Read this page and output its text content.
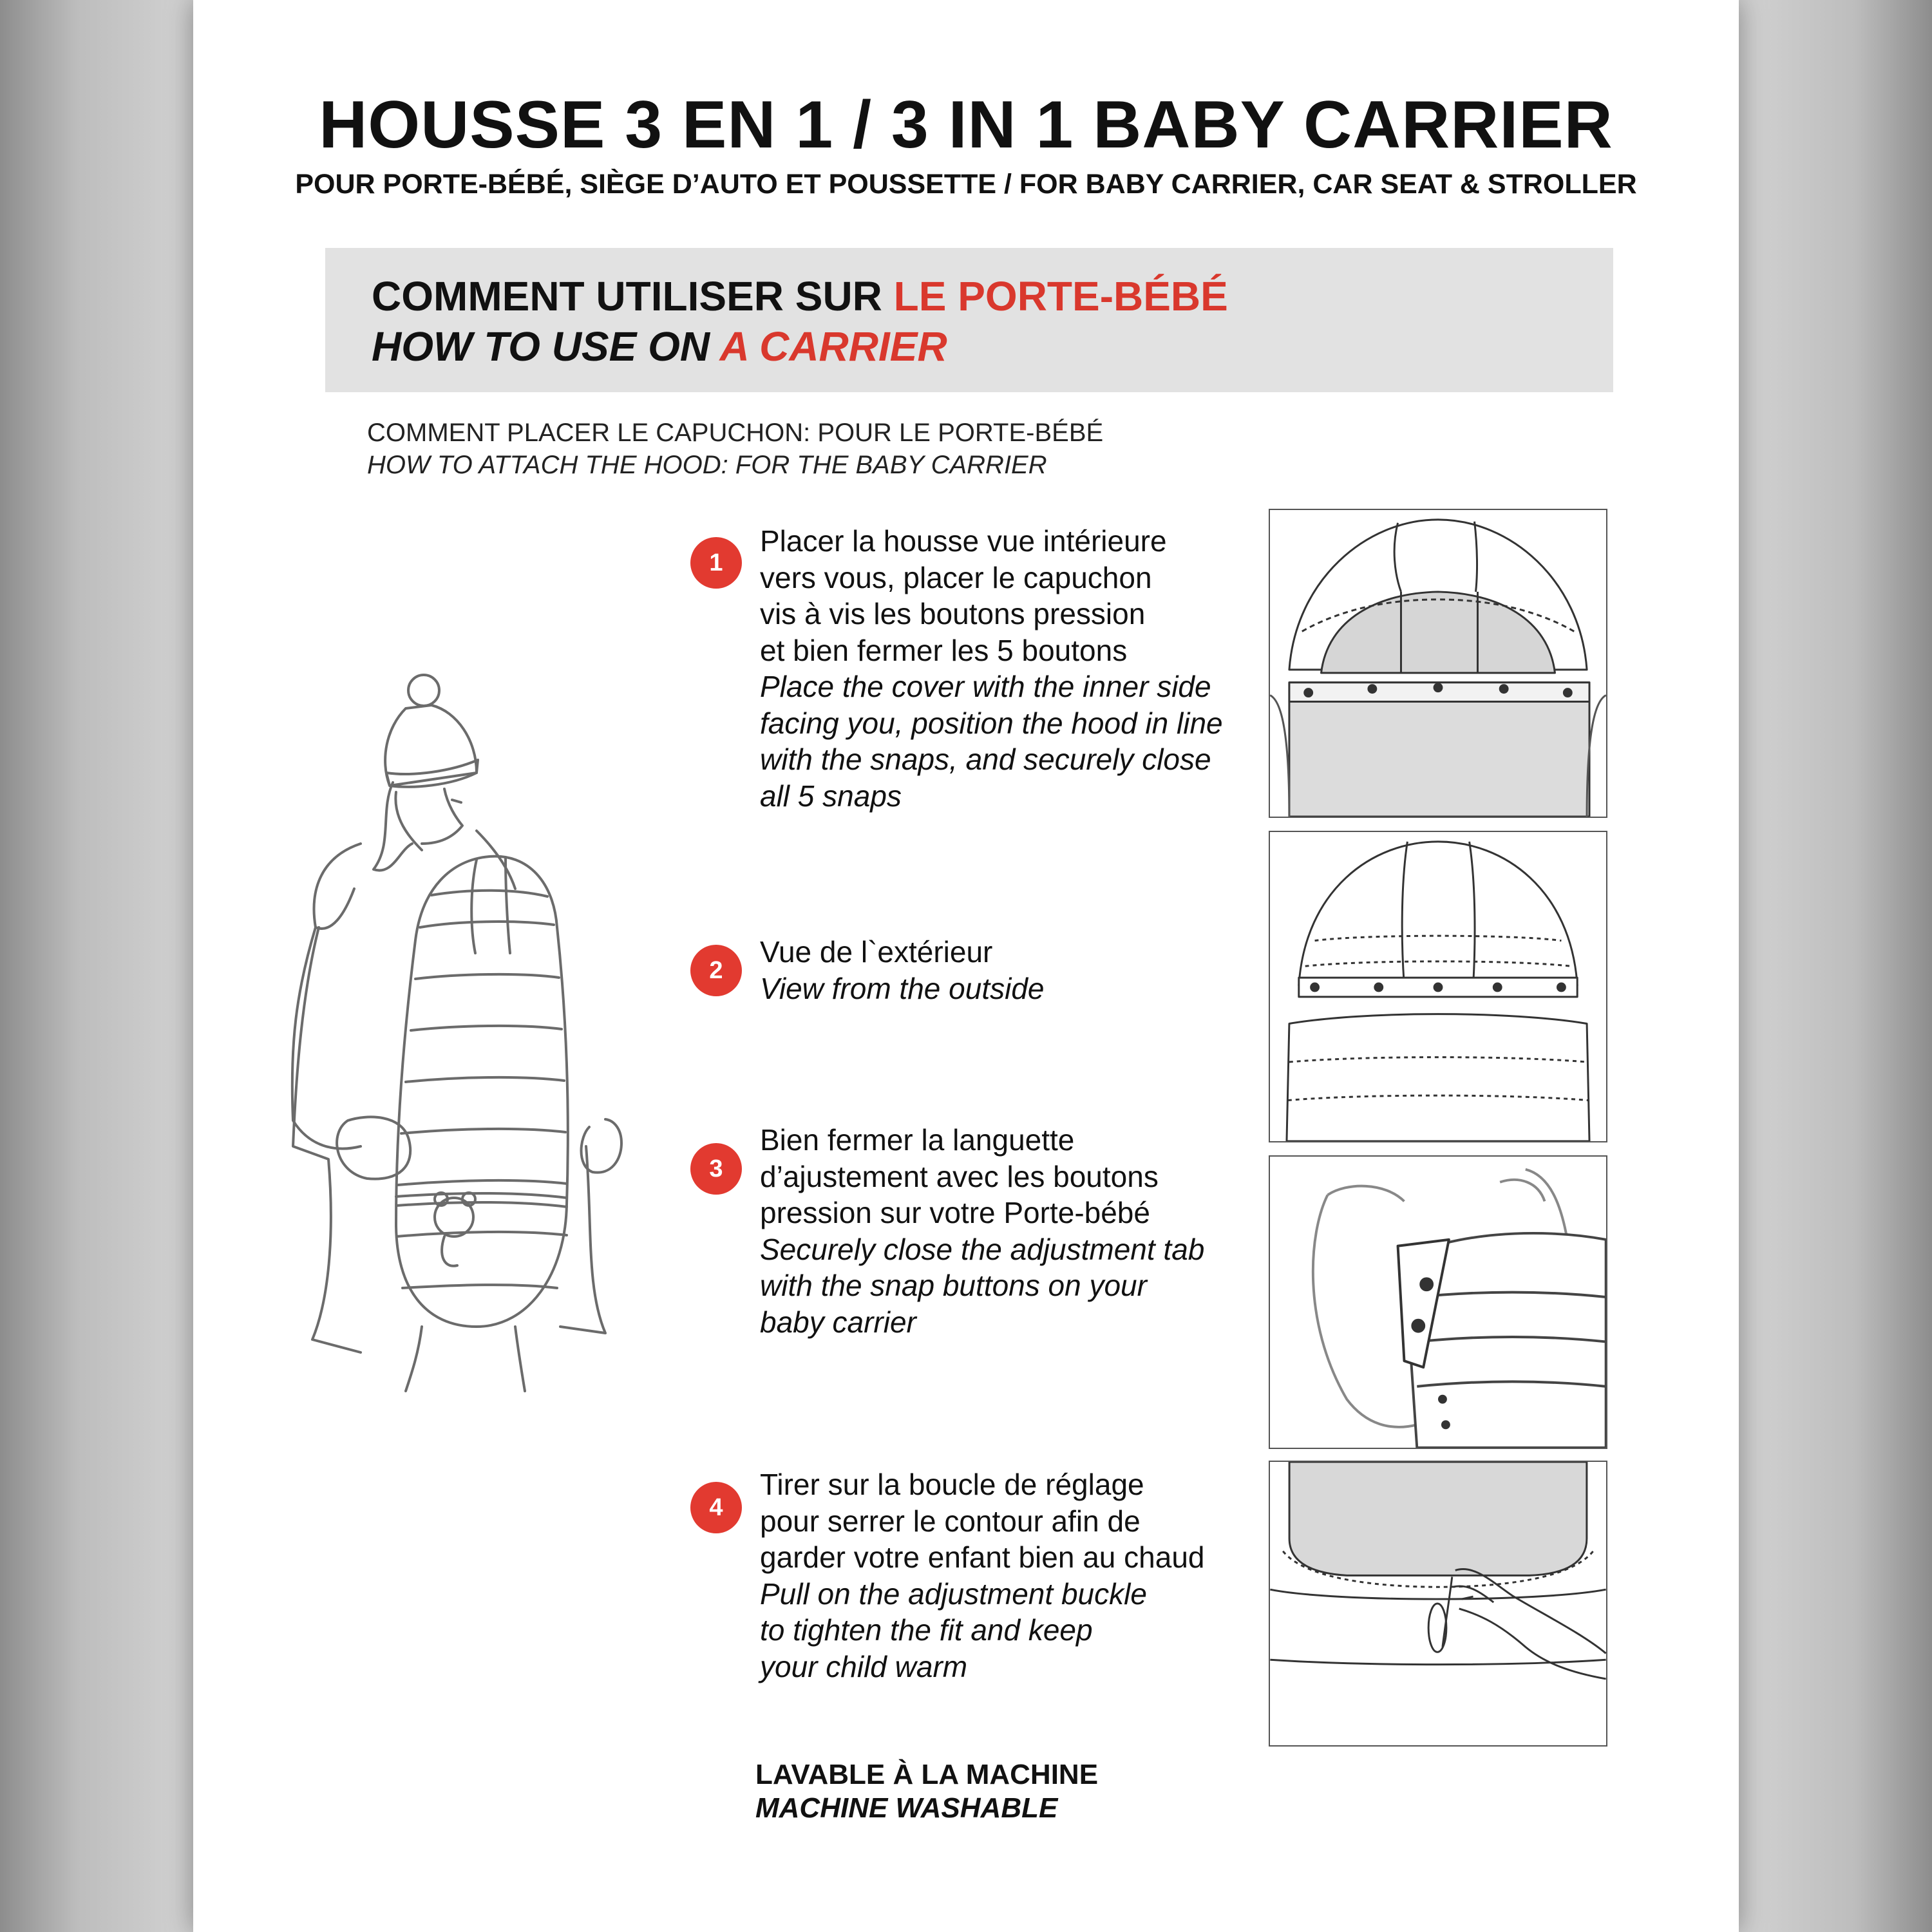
HOUSSE 3 EN 1 / 3 IN 1 BABY CARRIER
POUR PORTE-BÉBÉ, SIÈGE D’AUTO ET POUSSETTE / FOR BABY CARRIER, CAR SEAT & STROLLER
COMMENT UTILISER SUR LE PORTE-BÉBÉ
HOW TO USE ON A CARRIER
COMMENT PLACER LE CAPUCHON: POUR LE PORTE-BÉBÉ
HOW TO ATTACH THE HOOD: FOR THE BABY CARRIER
1
Placer la housse vue intérieure
vers vous, placer le capuchon
vis à vis les boutons pression
et bien fermer les 5 boutons
Place the cover with the inner side
facing you, position the hood in line
with the snaps, and securely close
all 5 snaps
2
Vue de l`extérieur
View from the outside
3
Bien fermer la languette
d’ajustement avec les boutons
pression sur votre Porte-bébé
Securely close the adjustment tab
with the snap buttons on your
baby carrier
4
Tirer sur la boucle de réglage
pour serrer le contour afin de
garder votre enfant bien au chaud
Pull on the adjustment buckle
to tighten the fit and keep
your child warm
LAVABLE À LA MACHINE
MACHINE WASHABLE
